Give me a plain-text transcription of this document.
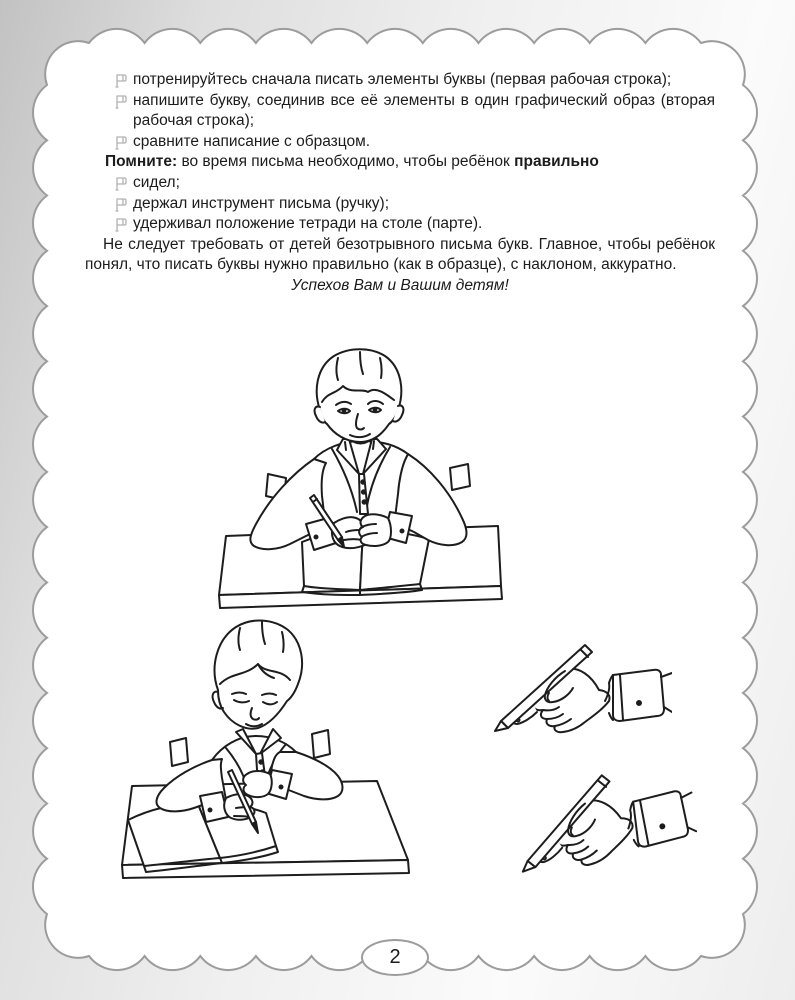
потренируйтесь сначала писать элементы буквы (первая рабочая строка);
напишите букву, соединив все её элементы в один графический образ (вторая рабочая строка);
сравните написание с образцом.

Помните: во время письма необходимо, чтобы ребёнок правильно

сидел;
держал инструмент письма (ручку);
удерживал положение тетради на столе (парте).

Не следует требовать от детей безотрывного письма букв. Главное, чтобы ребёнок понял, что писать буквы нужно правильно (как в образце), с наклоном, аккуратно.

Успехов Вам и Вашим детям!

2
